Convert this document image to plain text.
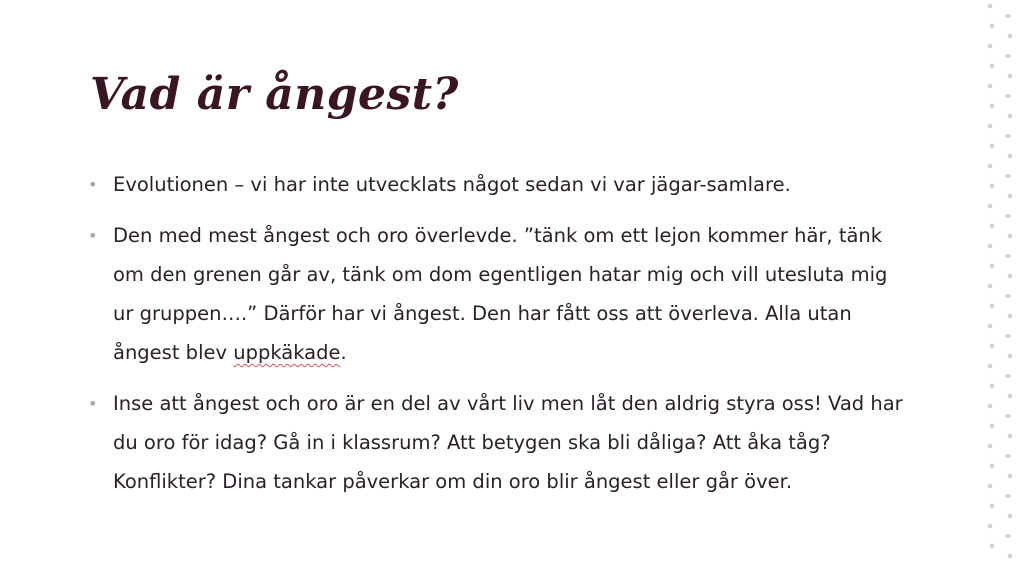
Vad är ångest?
• Evolutionen – vi har inte utvecklats något sedan vi var jägar-samlare.
• Den med mest ångest och oro överlevde. ”tänk om ett lejon kommer här, tänk om den grenen går av, tänk om dom egentligen hatar mig och vill utesluta mig ur gruppen….” Därför har vi ångest. Den har fått oss att överleva. Alla utan ångest blev uppkäkade.
• Inse att ångest och oro är en del av vårt liv men låt den aldrig styra oss! Vad har du oro för idag? Gå in i klassrum? Att betygen ska bli dåliga? Att åka tåg? Konflikter? Dina tankar påverkar om din oro blir ångest eller går över.
